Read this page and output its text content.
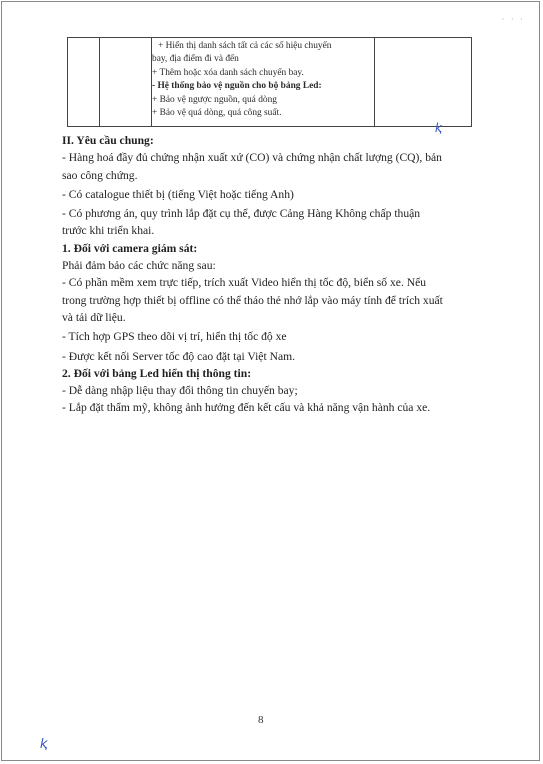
· · ·
+ Hiển thị danh sách tất cả các số hiệu chuyến
bay, địa điểm đi và đến
+ Thêm hoặc xóa danh sách chuyến bay.
- Hệ thống bảo vệ nguồn cho bộ bảng Led:
+ Bảo vệ ngược nguồn, quá dòng
+ Bảo vệ quá dòng, quá công suất.
ⱪ

II. Yêu cầu chung:

- Hàng hoá đầy đủ chứng nhận xuất xứ (CO) và chứng nhận chất lượng (CQ), bản

sao công chứng.

- Có catalogue thiết bị (tiếng Việt hoặc tiếng Anh)

- Có phương án, quy trình lắp đặt cụ thể, được Cảng Hàng Không chấp thuận

trước khi triển khai.

1. Đối với camera giám sát:

Phải đảm bảo các chức năng sau:

- Có phần mềm xem trực tiếp, trích xuất Video hiển thị tốc độ, biển số xe. Nếu

trong trường hợp thiết bị offline có thể tháo thẻ nhớ lắp vào máy tính để trích xuất

và tải dữ liệu.

- Tích hợp GPS theo dõi vị trí, hiển thị tốc độ xe

- Được kết nối Server tốc độ cao đặt tại Việt Nam.

2. Đối với bảng Led hiển thị thông tin:

- Dễ dàng nhập liệu thay đổi thông tin chuyến bay;

- Lắp đặt thẩm mỹ, không ảnh hưởng đến kết cấu và khả năng vận hành của xe.

8
ⱪ
